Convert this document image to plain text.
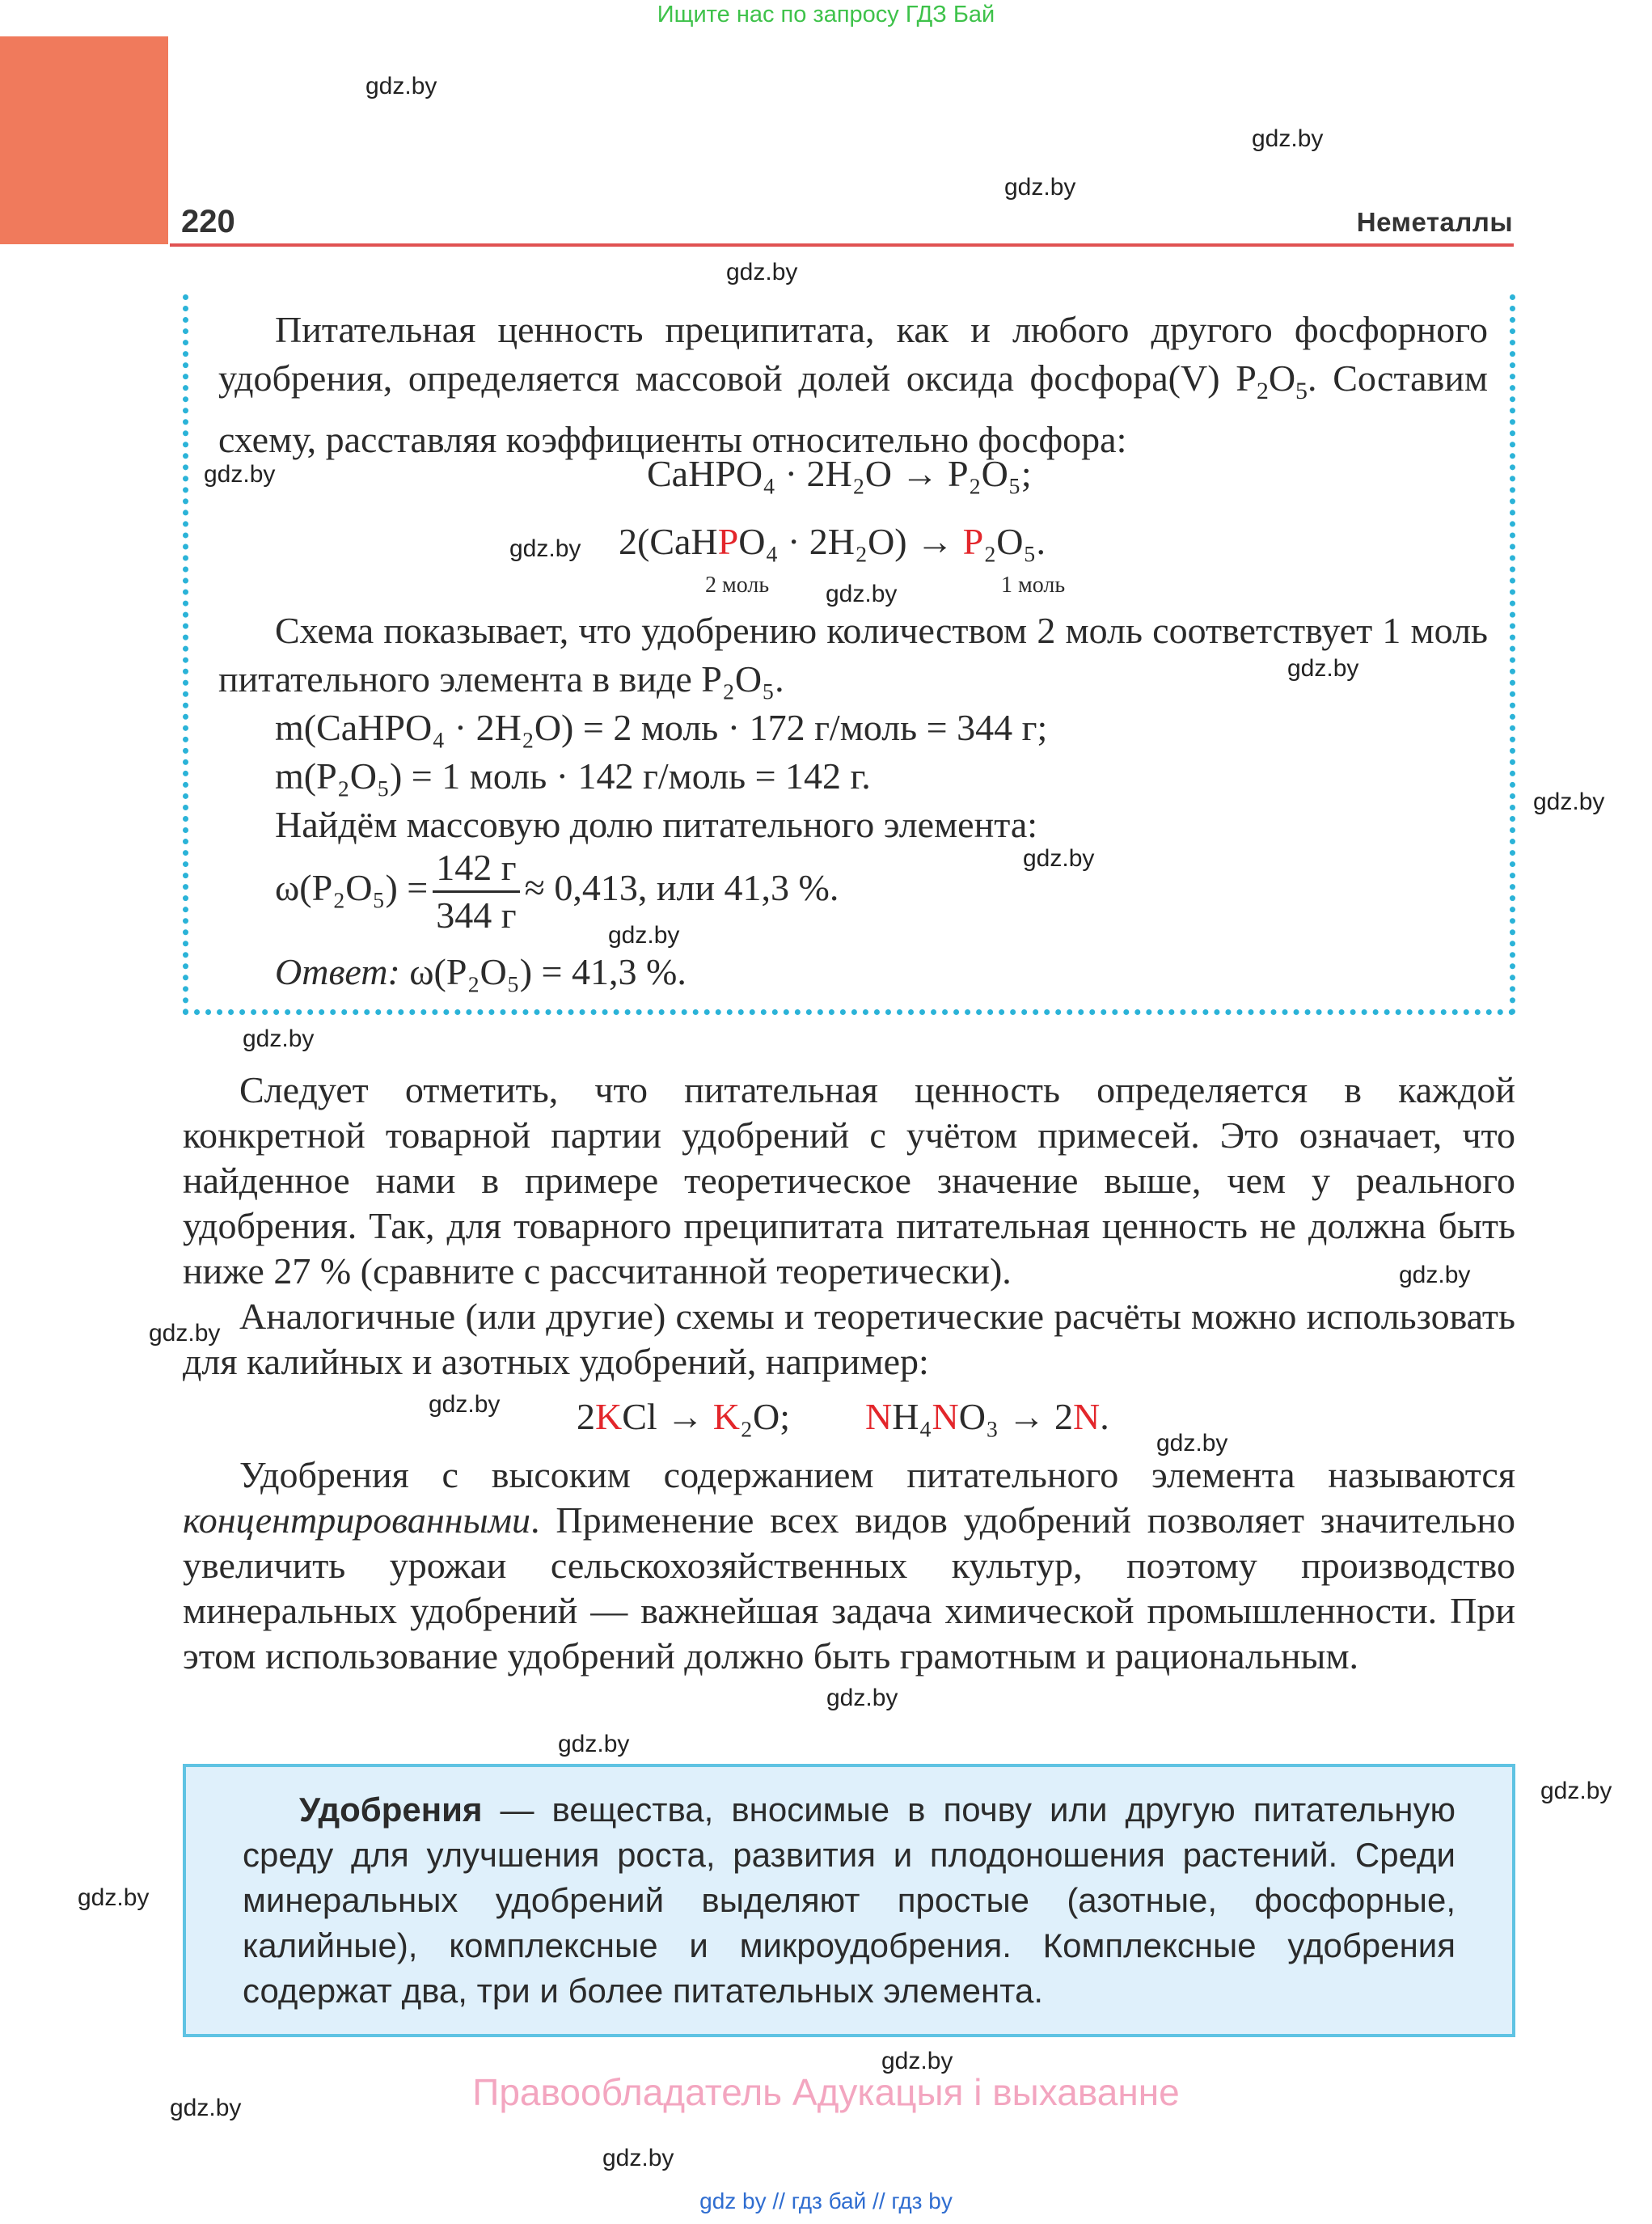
Ищите нас по запросу ГДЗ Бай
220	Неметаллы
gdz.by
gdz.by
gdz.by
gdz.by
gdz.by
gdz.by
gdz.by
gdz.by
gdz.by
gdz.by
gdz.by
gdz.by
gdz.by
gdz.by
gdz.by
gdz.by
gdz.by
gdz.by
gdz.by
gdz.by
gdz.by
gdz.by
gdz.by

Питательная ценность преципитата, как и любого другого фосфорного удобрения, определяется массовой долей оксида фосфора(V) $P_2O_5$. Составим схему, расставляя коэффициенты относительно фосфора:

CaHPO₄ · 2H₂O → P₂O₅;
2(CaHPO₄ · 2H₂O) → P₂O₅.
2 моль	1 моль

Схема показывает, что удобрению количеством 2 моль соответствует 1 моль питательного элемента в виде P₂O₅.

m(CaHPO₄ · 2H₂O) = 2 моль · 172 г/моль = 344 г;
m(P₂O₅) = 1 моль · 142 г/моль = 142 г.
Найдём массовую долю питательного элемента:
$\omega(P_2O_5) = \frac{142 г}{344 г} \approx 0,413$, или 41,3 %.
Ответ: ω(P₂O₅) = 41,3 %.

Следует отметить, что питательная ценность определяется в каждой конкретной товарной партии удобрений с учётом примесей. Это означает, что найденное нами в примере теоретическое значение выше, чем у реального удобрения. Так, для товарного преципитата питательная ценность не должна быть ниже 27 % (сравните с рассчитанной теоретически).

Аналогичные (или другие) схемы и теоретические расчёты можно использовать для калийных и азотных удобрений, например:

2KCl → K₂O; NH₄NO₃ → 2N.

Удобрения с высоким содержанием питательного элемента называются концентрированными. Применение всех видов удобрений позволяет значительно увеличить урожаи сельскохозяйственных культур, поэтому производство минеральных удобрений — важнейшая задача химической промышленности. При этом использование удобрений должно быть грамотным и рациональным.

Удобрения — вещества, вносимые в почву или другую питательную среду для улучшения роста, развития и плодоношения растений. Среди минеральных удобрений выделяют простые (азотные, фосфорные, калийные), комплексные и микроудобрения. Комплексные удобрения содержат два, три и более питательных элемента.

Правообладатель Адукацыя і выхаванне
gdz by // гдз бай // гдз by
